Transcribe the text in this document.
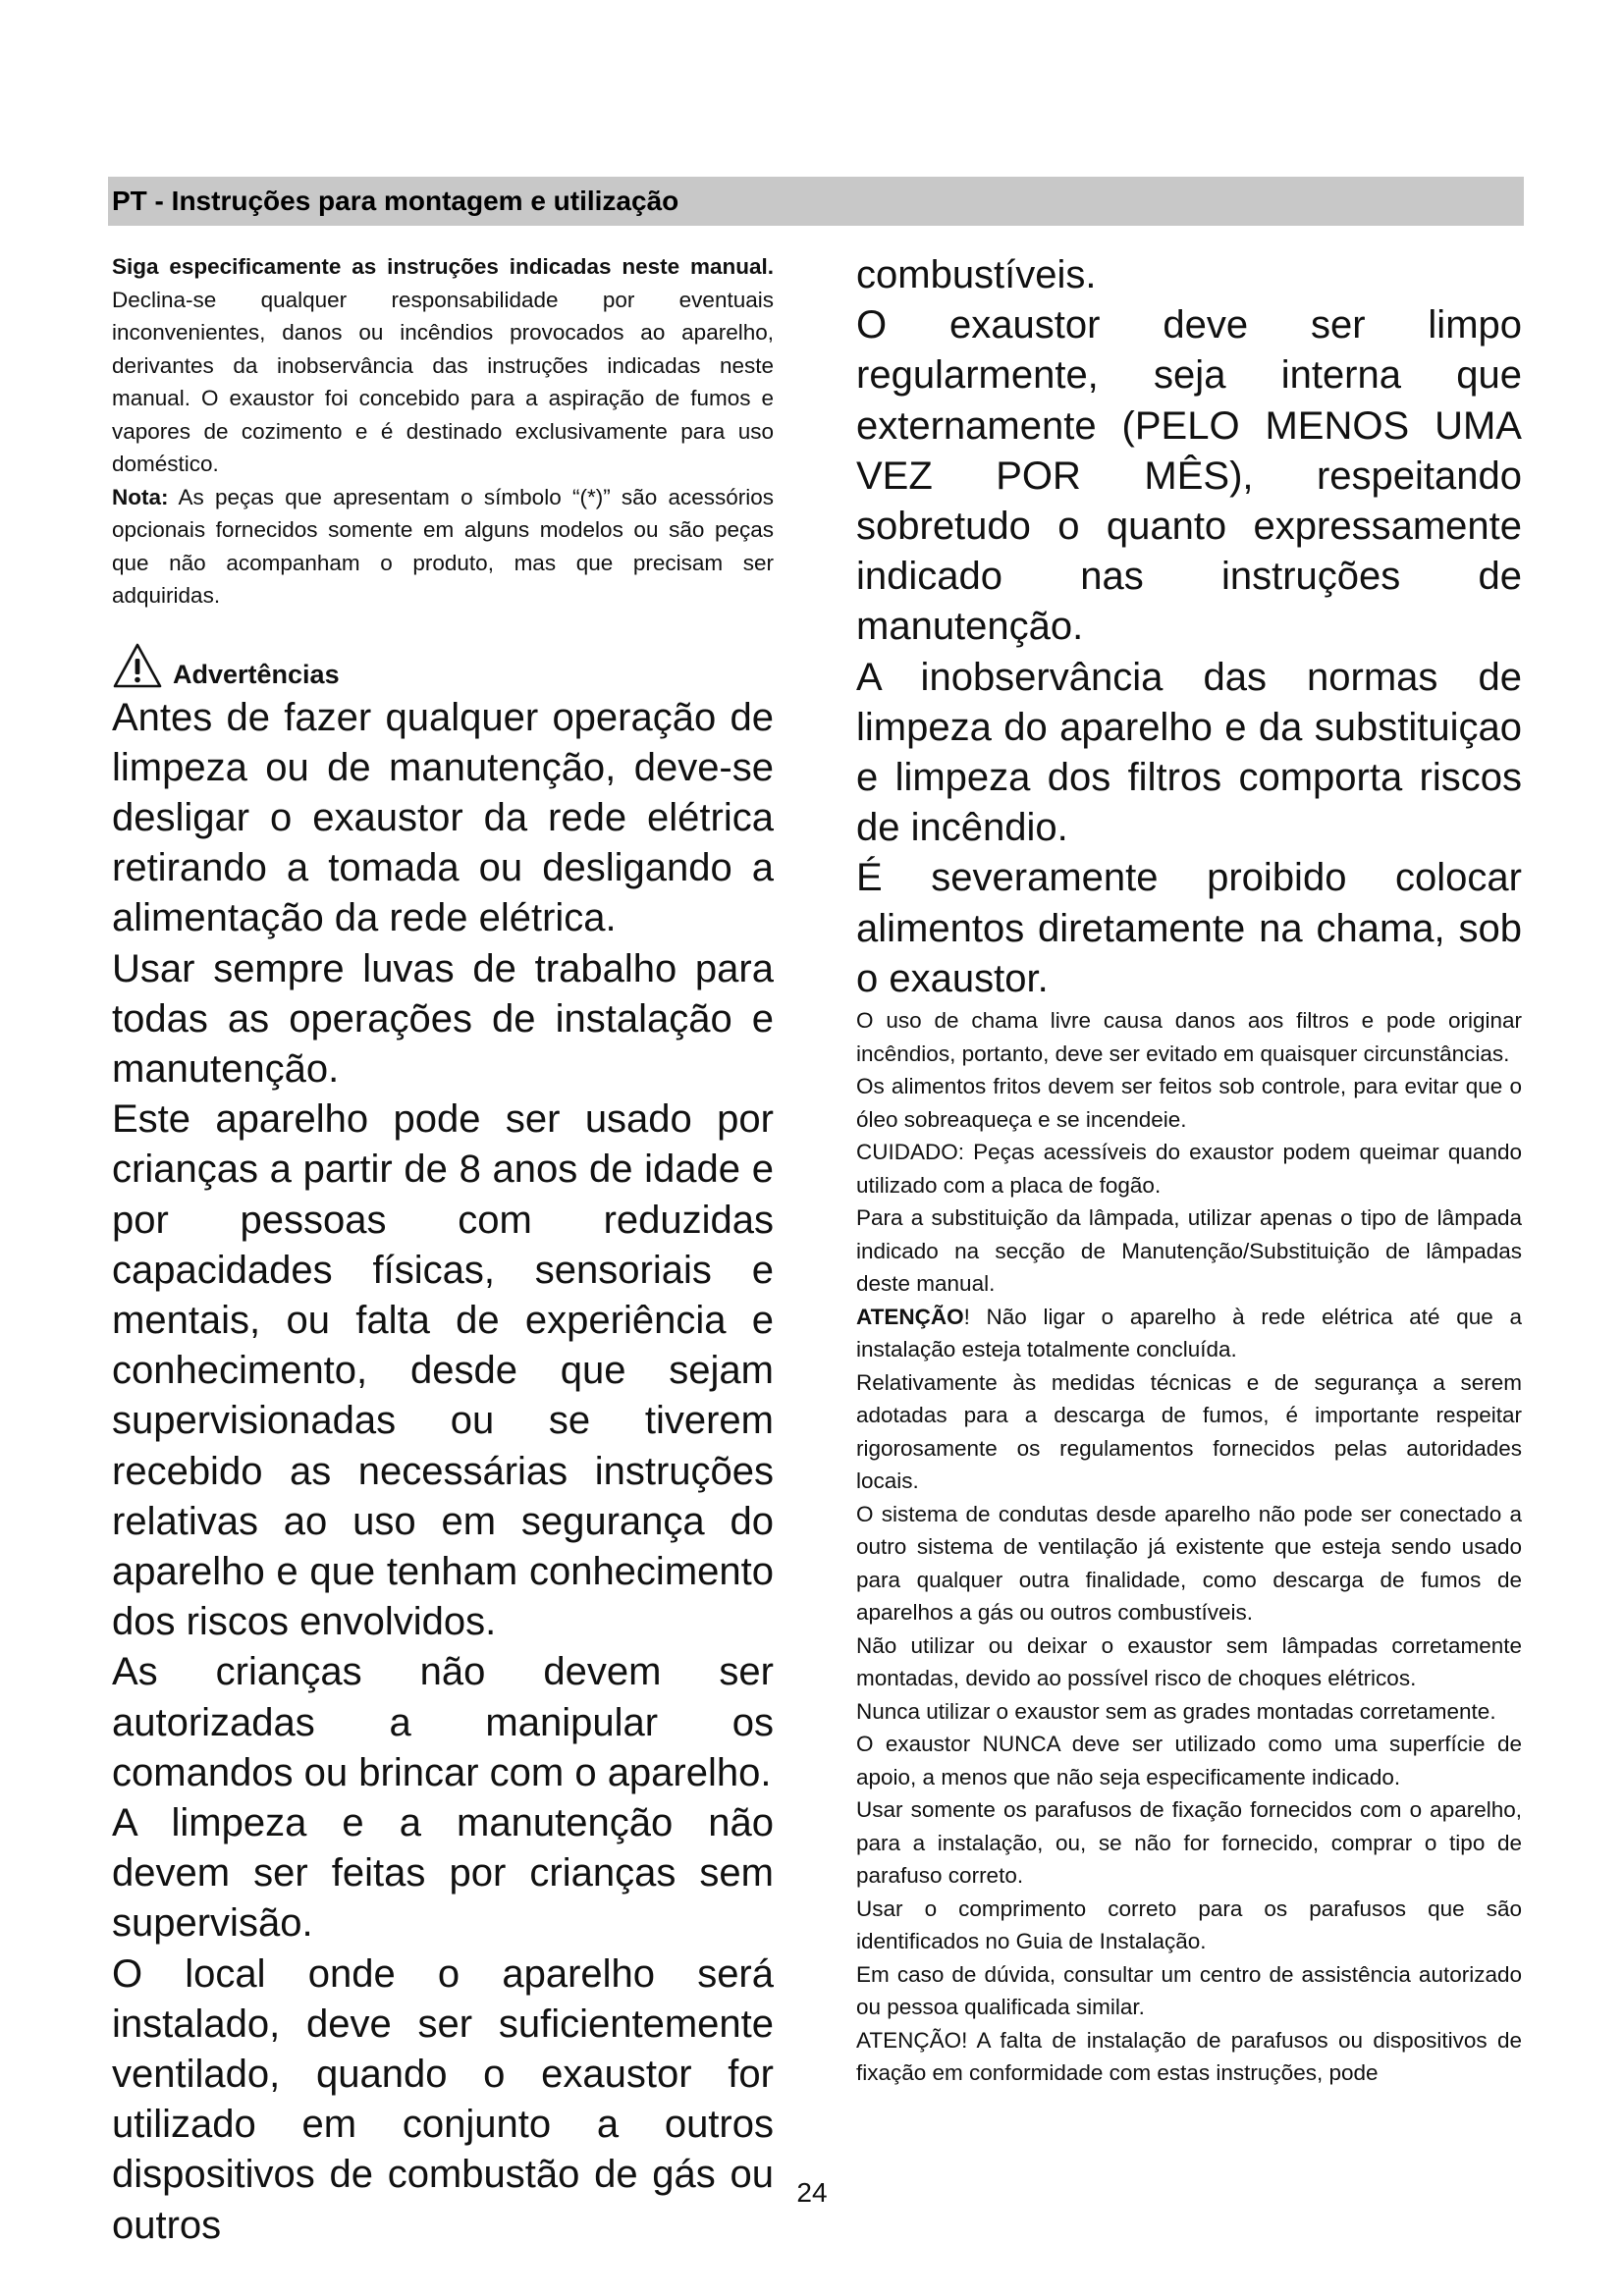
PT - Instruções para montagem e utilização

Siga especificamente as instruções indicadas neste manual. Declina-se qualquer responsabilidade por eventuais inconvenientes, danos ou incêndios provocados ao aparelho, derivantes da inobservância das instruções indicadas neste manual. O exaustor foi concebido para a aspiração de fumos e vapores de cozimento e é destinado exclusivamente para uso doméstico.

Nota: As peças que apresentam o símbolo “(*)” são acessórios opcionais fornecidos somente em alguns modelos ou são peças que não acompanham o produto, mas que precisam ser adquiridas.

Advertências

Antes de fazer qualquer operação de limpeza ou de manutenção, deve-se desligar o exaustor da rede elétrica retirando a tomada ou desligando a alimentação da rede elétrica.

Usar sempre luvas de trabalho para todas as operações de instalação e manutenção.

Este aparelho pode ser usado por crianças a partir de 8 anos de idade e por pessoas com reduzidas capacidades físicas, sensoriais e mentais, ou falta de experiência e conhecimento, desde que sejam supervisionadas ou se tiverem recebido as necessárias instruções relativas ao uso em segurança do aparelho e que tenham conhecimento dos riscos envolvidos.

As crianças não devem ser autorizadas a manipular os comandos ou brincar com o aparelho.

A limpeza e a manutenção não devem ser feitas por crianças sem supervisão.

O local onde o aparelho será instalado, deve ser suficientemente ventilado, quando o exaustor for utilizado em conjunto a outros dispositivos de combustão de gás ou outros

combustíveis.

O exaustor deve ser limpo regularmente, seja interna que externamente (PELO MENOS UMA VEZ POR MÊS), respeitando sobretudo o quanto expressamente indicado nas instruções de manutenção.

A inobservância das normas de limpeza do aparelho e da substituiçao e limpeza dos filtros comporta riscos de incêndio.

É severamente proibido colocar alimentos diretamente na chama, sob o exaustor.

O uso de chama livre causa danos aos filtros e pode originar incêndios, portanto, deve ser evitado em quaisquer circunstâncias.

Os alimentos fritos devem ser feitos sob controle, para evitar que o óleo sobreaqueça e se incendeie.

CUIDADO: Peças acessíveis do exaustor podem queimar quando utilizado com a placa de fogão.

Para a substituição da lâmpada, utilizar apenas o tipo de lâmpada indicado na secção de Manutenção/Substituição de lâmpadas deste manual.

ATENÇÃO! Não ligar o aparelho à rede elétrica até que a instalação esteja totalmente concluída.

Relativamente às medidas técnicas e de segurança a serem adotadas para a descarga de fumos, é importante respeitar rigorosamente os regulamentos fornecidos pelas autoridades locais.

O sistema de condutas desde aparelho não pode ser conectado a outro sistema de ventilação já existente que esteja sendo usado para qualquer outra finalidade, como descarga de fumos de aparelhos a gás ou outros combustíveis.

Não utilizar ou deixar o exaustor sem lâmpadas corretamente montadas, devido ao possível risco de choques elétricos.

Nunca utilizar o exaustor sem as grades montadas corretamente.

O exaustor NUNCA deve ser utilizado como uma superfície de apoio, a menos que não seja especificamente indicado.

Usar somente os parafusos de fixação fornecidos com o aparelho, para a instalação, ou, se não for fornecido, comprar o tipo de parafuso correto.

Usar o comprimento correto para os parafusos que são identificados no Guia de Instalação.

Em caso de dúvida, consultar um centro de assistência autorizado ou pessoa qualificada similar.

ATENÇÃO! A falta de instalação de parafusos ou dispositivos de fixação em conformidade com estas instruções, pode

24
